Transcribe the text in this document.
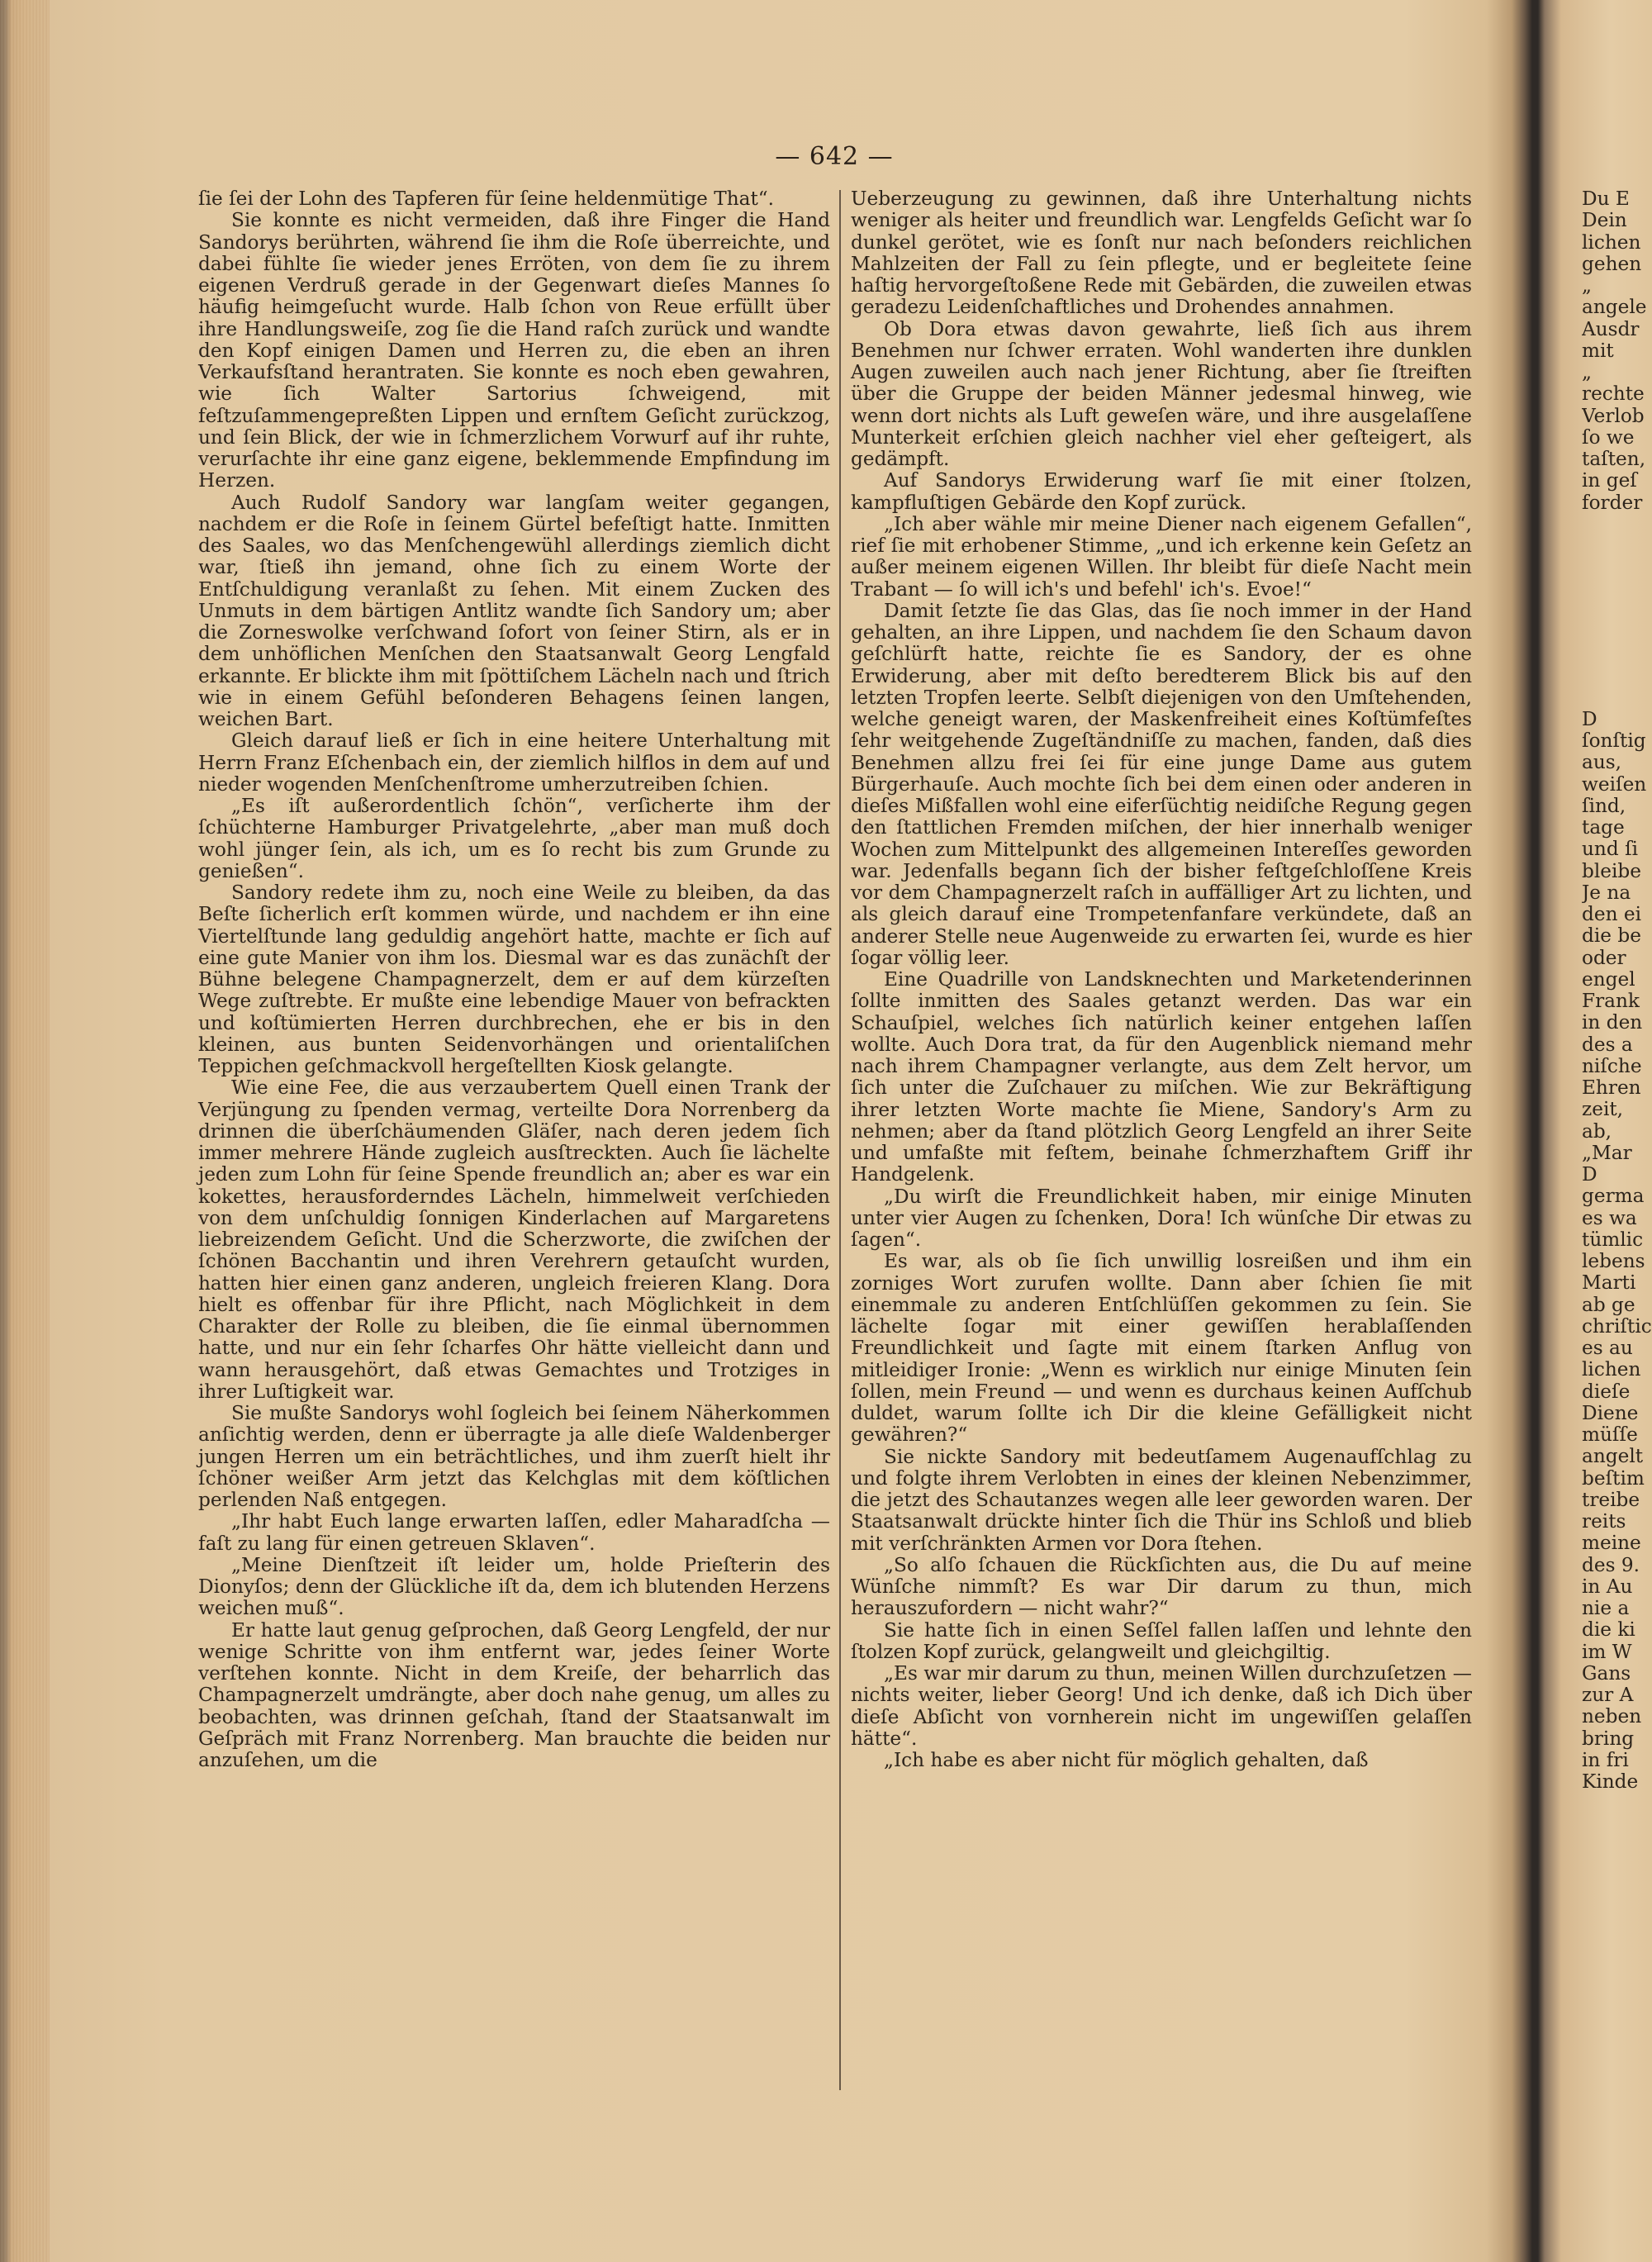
— 642 —

ſie ſei der Lohn des Tapferen für ſeine heldenmütige That“.

Sie konnte es nicht vermeiden, daß ihre Finger die Hand Sandorys berührten, während ſie ihm die Roſe überreichte, und dabei fühlte ſie wieder jenes Erröten, von dem ſie zu ihrem eigenen Verdruß gerade in der Gegenwart dieſes Mannes ſo häufig heimgeſucht wurde. Halb ſchon von Reue erfüllt über ihre Handlungsweiſe, zog ſie die Hand raſch zurück und wandte den Kopf einigen Damen und Herren zu, die eben an ihren Verkaufsſtand herantraten. Sie konnte es noch eben gewahren, wie ſich Walter Sartorius ſchweigend, mit feſtzuſammengepreßten Lippen und ernſtem Geſicht zurückzog, und ſein Blick, der wie in ſchmerzlichem Vorwurf auf ihr ruhte, verurſachte ihr eine ganz eigene, beklemmende Empfindung im Herzen.

Auch Rudolf Sandory war langſam weiter gegangen, nachdem er die Roſe in ſeinem Gürtel befeſtigt hatte. Inmitten des Saales, wo das Menſchengewühl allerdings ziemlich dicht war, ſtieß ihn jemand, ohne ſich zu einem Worte der Entſchuldigung veranlaßt zu ſehen. Mit einem Zucken des Unmuts in dem bärtigen Antlitz wandte ſich Sandory um; aber die Zorneswolke verſchwand ſofort von ſeiner Stirn, als er in dem unhöflichen Menſchen den Staatsanwalt Georg Lengfald erkannte. Er blickte ihm mit ſpöttiſchem Lächeln nach und ſtrich wie in einem Gefühl beſonderen Behagens ſeinen langen, weichen Bart.

Gleich darauf ließ er ſich in eine heitere Unterhaltung mit Herrn Franz Eſchenbach ein, der ziemlich hilflos in dem auf und nieder wogenden Menſchenſtrome umherzutreiben ſchien.

„Es iſt außerordentlich ſchön“, verſicherte ihm der ſchüchterne Hamburger Privatgelehrte, „aber man muß doch wohl jünger ſein, als ich, um es ſo recht bis zum Grunde zu genießen“.

Sandory redete ihm zu, noch eine Weile zu bleiben, da das Beſte ſicherlich erſt kommen würde, und nachdem er ihn eine Viertelſtunde lang geduldig angehört hatte, machte er ſich auf eine gute Manier von ihm los. Diesmal war es das zunächſt der Bühne belegene Champagnerzelt, dem er auf dem kürzeſten Wege zuſtrebte. Er mußte eine lebendige Mauer von befrackten und koſtümierten Herren durchbrechen, ehe er bis in den kleinen, aus bunten Seidenvorhängen und orientaliſchen Teppichen geſchmackvoll hergeſtellten Kiosk gelangte.

Wie eine Fee, die aus verzaubertem Quell einen Trank der Verjüngung zu ſpenden vermag, verteilte Dora Norrenberg da drinnen die überſchäumenden Gläſer, nach deren jedem ſich immer mehrere Hände zugleich ausſtreckten. Auch ſie lächelte jeden zum Lohn für ſeine Spende freundlich an; aber es war ein kokettes, herausforderndes Lächeln, himmelweit verſchieden von dem unſchuldig ſonnigen Kinderlachen auf Margaretens liebreizendem Geſicht. Und die Scherzworte, die zwiſchen der ſchönen Bacchantin und ihren Verehrern getauſcht wurden, hatten hier einen ganz anderen, ungleich freieren Klang. Dora hielt es offenbar für ihre Pflicht, nach Möglichkeit in dem Charakter der Rolle zu bleiben, die ſie einmal übernommen hatte, und nur ein ſehr ſcharfes Ohr hätte vielleicht dann und wann herausgehört, daß etwas Gemachtes und Trotziges in ihrer Luſtigkeit war.

Sie mußte Sandorys wohl ſogleich bei ſeinem Näherkommen anſichtig werden, denn er überragte ja alle dieſe Waldenberger jungen Herren um ein beträchtliches, und ihm zuerſt hielt ihr ſchöner weißer Arm jetzt das Kelchglas mit dem köſtlichen perlenden Naß entgegen.

„Ihr habt Euch lange erwarten laſſen, edler Maharadſcha — faſt zu lang für einen getreuen Sklaven“.

„Meine Dienſtzeit iſt leider um, holde Prieſterin des Dionyſos; denn der Glückliche iſt da, dem ich blutenden Herzens weichen muß“.

Er hatte laut genug geſprochen, daß Georg Lengfeld, der nur wenige Schritte von ihm entfernt war, jedes ſeiner Worte verſtehen konnte. Nicht in dem Kreiſe, der beharrlich das Champagnerzelt umdrängte, aber doch nahe genug, um alles zu beobachten, was drinnen geſchah, ſtand der Staatsanwalt im Geſpräch mit Franz Norrenberg. Man brauchte die beiden nur anzuſehen, um die

Ueberzeugung zu gewinnen, daß ihre Unterhaltung nichts weniger als heiter und freundlich war. Lengfelds Geſicht war ſo dunkel gerötet, wie es ſonſt nur nach beſonders reichlichen Mahlzeiten der Fall zu ſein pflegte, und er begleitete ſeine haſtig hervorgeſtoßene Rede mit Gebärden, die zuweilen etwas geradezu Leidenſchaftliches und Drohendes annahmen.

Ob Dora etwas davon gewahrte, ließ ſich aus ihrem Benehmen nur ſchwer erraten. Wohl wanderten ihre dunklen Augen zuweilen auch nach jener Richtung, aber ſie ſtreiften über die Gruppe der beiden Männer jedesmal hinweg, wie wenn dort nichts als Luft geweſen wäre, und ihre ausgelaſſene Munterkeit erſchien gleich nachher viel eher geſteigert, als gedämpft.

Auf Sandorys Erwiderung warf ſie mit einer ſtolzen, kampfluſtigen Gebärde den Kopf zurück.

„Ich aber wähle mir meine Diener nach eigenem Gefallen“, rief ſie mit erhobener Stimme, „und ich erkenne kein Geſetz an außer meinem eigenen Willen. Ihr bleibt für dieſe Nacht mein Trabant — ſo will ich's und befehl' ich's. Evoe!“

Damit ſetzte ſie das Glas, das ſie noch immer in der Hand gehalten, an ihre Lippen, und nachdem ſie den Schaum davon geſchlürft hatte, reichte ſie es Sandory, der es ohne Erwiderung, aber mit deſto beredterem Blick bis auf den letzten Tropfen leerte. Selbſt diejenigen von den Umſtehenden, welche geneigt waren, der Maskenfreiheit eines Koſtümfeſtes ſehr weitgehende Zugeſtändniſſe zu machen, fanden, daß dies Benehmen allzu frei ſei für eine junge Dame aus gutem Bürgerhauſe. Auch mochte ſich bei dem einen oder anderen in dieſes Mißfallen wohl eine eiferſüchtig neidiſche Regung gegen den ſtattlichen Fremden miſchen, der hier innerhalb weniger Wochen zum Mittelpunkt des allgemeinen Intereſſes geworden war. Jedenfalls begann ſich der bisher feſtgeſchloſſene Kreis vor dem Champagnerzelt raſch in auffälliger Art zu lichten, und als gleich darauf eine Trompetenfanfare verkündete, daß an anderer Stelle neue Augenweide zu erwarten ſei, wurde es hier ſogar völlig leer.

Eine Quadrille von Landsknechten und Marketenderinnen ſollte inmitten des Saales getanzt werden. Das war ein Schauſpiel, welches ſich natürlich keiner entgehen laſſen wollte. Auch Dora trat, da für den Augenblick niemand mehr nach ihrem Champagner verlangte, aus dem Zelt hervor, um ſich unter die Zuſchauer zu miſchen. Wie zur Bekräftigung ihrer letzten Worte machte ſie Miene, Sandory's Arm zu nehmen; aber da ſtand plötzlich Georg Lengfeld an ihrer Seite und umfaßte mit feſtem, beinahe ſchmerzhaftem Griff ihr Handgelenk.

„Du wirſt die Freundlichkeit haben, mir einige Minuten unter vier Augen zu ſchenken, Dora! Ich wünſche Dir etwas zu ſagen“.

Es war, als ob ſie ſich unwillig losreißen und ihm ein zorniges Wort zurufen wollte. Dann aber ſchien ſie mit einemmale zu anderen Entſchlüſſen gekommen zu ſein. Sie lächelte ſogar mit einer gewiſſen herablaſſenden Freundlichkeit und ſagte mit einem ſtarken Anflug von mitleidiger Ironie: „Wenn es wirklich nur einige Minuten ſein ſollen, mein Freund — und wenn es durchaus keinen Aufſchub duldet, warum ſollte ich Dir die kleine Gefälligkeit nicht gewähren?“

Sie nickte Sandory mit bedeutſamem Augenaufſchlag zu und folgte ihrem Verlobten in eines der kleinen Nebenzimmer, die jetzt des Schautanzes wegen alle leer geworden waren. Der Staatsanwalt drückte hinter ſich die Thür ins Schloß und blieb mit verſchränkten Armen vor Dora ſtehen.

„So alſo ſchauen die Rückſichten aus, die Du auf meine Wünſche nimmſt? Es war Dir darum zu thun, mich herauszufordern — nicht wahr?“

Sie hatte ſich in einen Seſſel fallen laſſen und lehnte den ſtolzen Kopf zurück, gelangweilt und gleichgiltig.

„Es war mir darum zu thun, meinen Willen durchzuſetzen — nichts weiter, lieber Georg! Und ich denke, daß ich Dich über dieſe Abſicht von vornherein nicht im ungewiſſen gelaſſen hätte“.

„Ich habe es aber nicht für möglich gehalten, daß

Du E
Dein
lichen
gehen
„
angele
Ausdr
mit
„
rechte
Verlob
ſo we
taſten,
in geſ
forder
D
ſonſtig
aus,
weiſen
ſind,
tage
und ſi
bleibe
Je na
den ei
die be
oder
engel
Frank
in den
des a
niſche
Ehren
zeit,
ab,
„Mar
D
germa
es wa
tümlic
lebens
Marti
ab ge
chriſtic
es au
lichen
dieſe
Diene
müſſe
angelt
beſtim
treibe
reits
meine
des 9.
in Au
nie a
die ki
im W
Gans
zur A
neben
bring
in fri
Kinde
